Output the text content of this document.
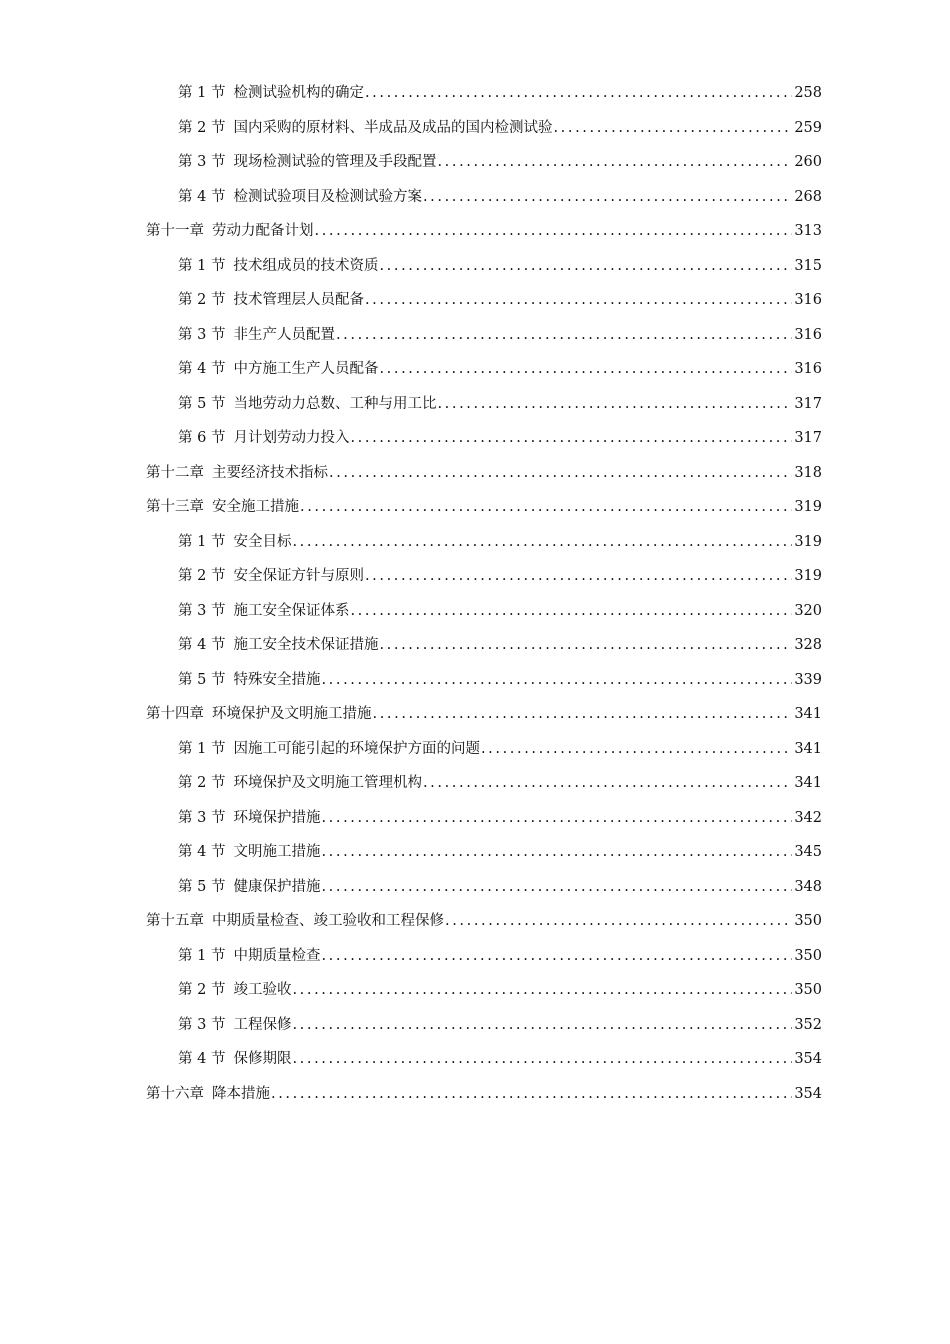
第 1 节 检测试验机构的确定 .....	258
第 2 节 国内采购的原材料、半成品及成品的国内检测试验 .....	259
第 3 节 现场检测试验的管理及手段配置 .....	260
第 4 节 检测试验项目及检测试验方案 .....	268
第十一章 劳动力配备计划 .....	313
第 1 节 技术组成员的技术资质 .....	315
第 2 节 技术管理层人员配备 .....	316
第 3 节 非生产人员配置 .....	316
第 4 节 中方施工生产人员配备 .....	316
第 5 节 当地劳动力总数、工种与用工比 .....	317
第 6 节 月计划劳动力投入 .....	317
第十二章 主要经济技术指标 .....	318
第十三章 安全施工措施 .....	319
第 1 节 安全目标 .....	319
第 2 节 安全保证方针与原则 .....	319
第 3 节 施工安全保证体系 .....	320
第 4 节 施工安全技术保证措施 .....	328
第 5 节 特殊安全措施 .....	339
第十四章 环境保护及文明施工措施 .....	341
第 1 节 因施工可能引起的环境保护方面的问题 .....	341
第 2 节 环境保护及文明施工管理机构 .....	341
第 3 节 环境保护措施 .....	342
第 4 节 文明施工措施 .....	345
第 5 节 健康保护措施 .....	348
第十五章 中期质量检查、竣工验收和工程保修 .....	350
第 1 节 中期质量检查 .....	350
第 2 节 竣工验收 .....	350
第 3 节 工程保修 .....	352
第 4 节 保修期限 .....	354
第十六章 降本措施 .....	354
